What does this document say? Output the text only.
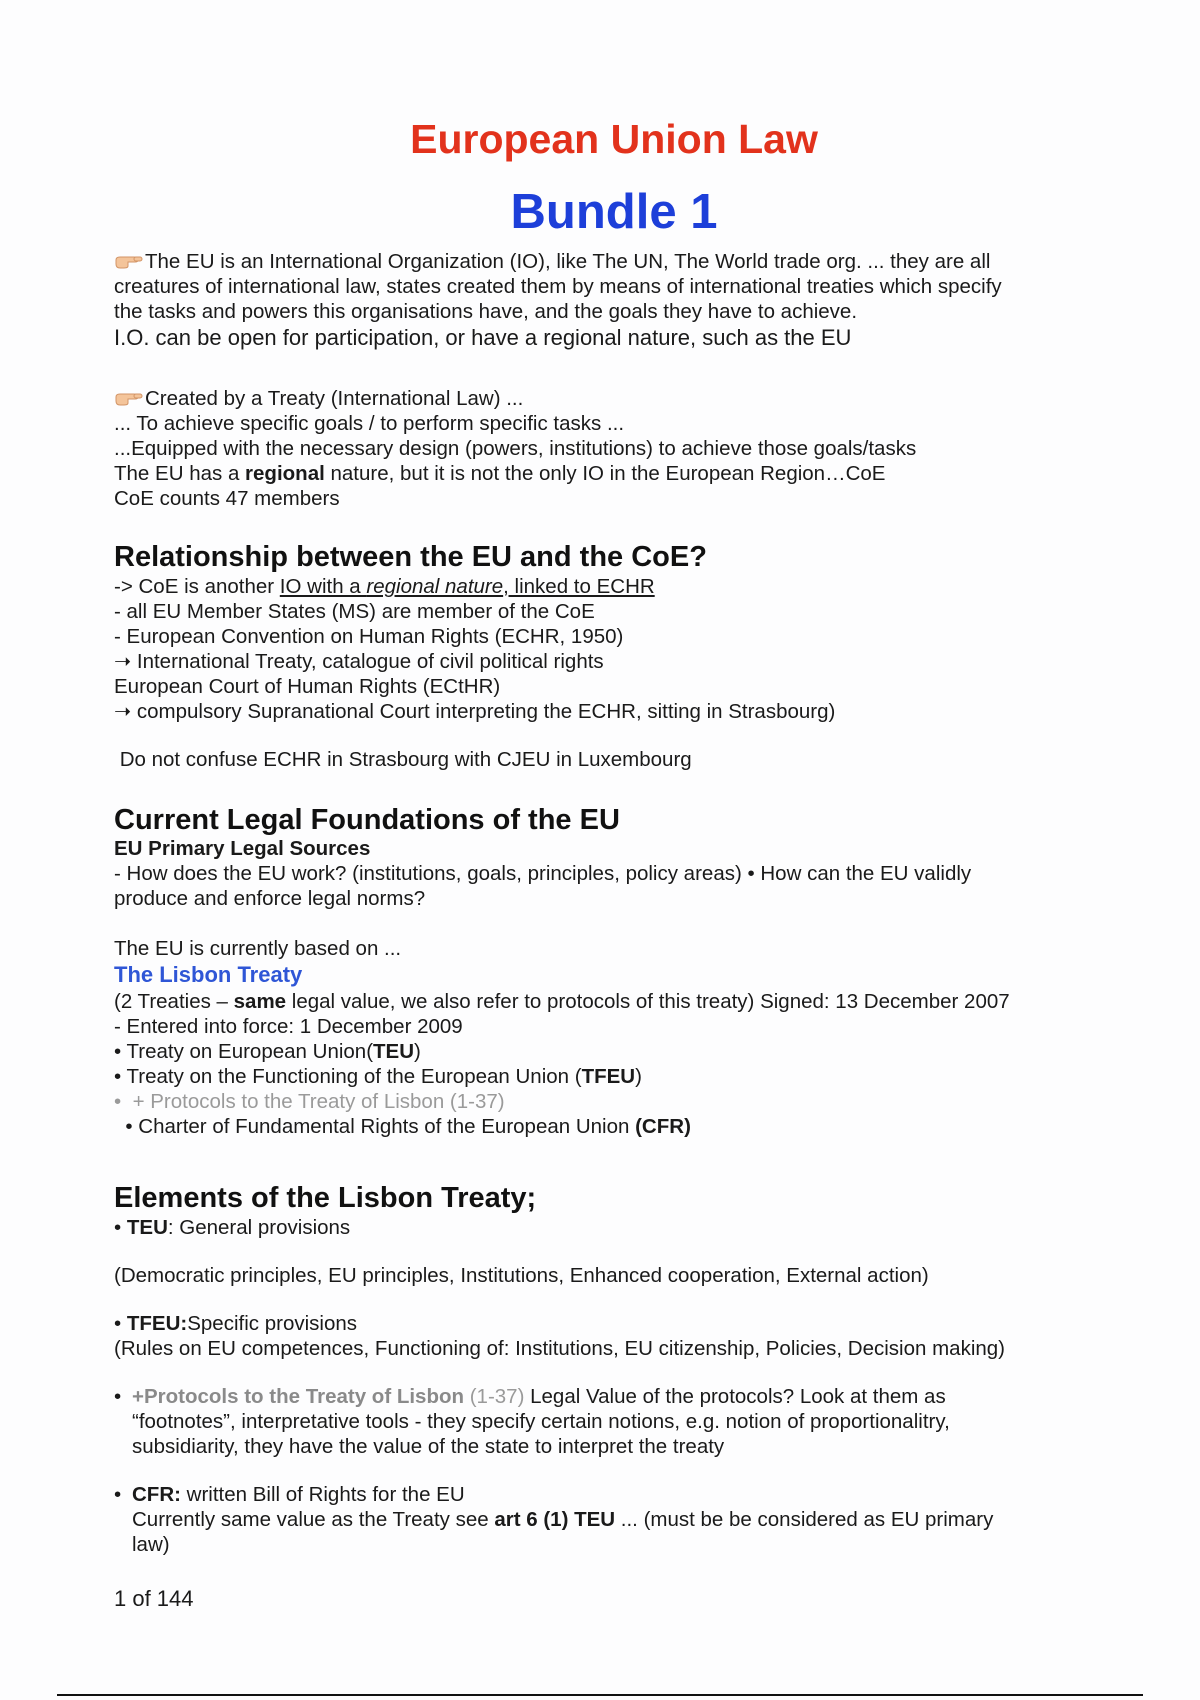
European Union Law
Bundle 1
The EU is an International Organization (IO), like The UN, The World trade org. ... they are all
creatures of international law, states created them by means of international treaties which specify
the tasks and powers this organisations have, and the goals they have to achieve.
I.O. can be open for participation, or have a regional nature, such as the EU
Created by a Treaty (International Law) ...
... To achieve specific goals / to perform specific tasks ...
...Equipped with the necessary design (powers, institutions) to achieve those goals/tasks
The EU has a regional nature, but it is not the only IO in the European Region…CoE
CoE counts 47 members
Relationship between the EU and the CoE?
-> CoE is another IO with a regional nature, linked to ECHR
- all EU Member States (MS) are member of the CoE
- European Convention on Human Rights (ECHR, 1950)
➝ International Treaty, catalogue of civil political rights
European Court of Human Rights (ECtHR)
➝ compulsory Supranational Court interpreting the ECHR, sitting in Strasbourg)
Do not confuse ECHR in Strasbourg with CJEU in Luxembourg
Current Legal Foundations of the EU
EU Primary Legal Sources
- How does the EU work? (institutions, goals, principles, policy areas) • How can the EU validly
produce and enforce legal norms?
The EU is currently based on ...
The Lisbon Treaty
(2 Treaties – same legal value, we also refer to protocols of this treaty) Signed: 13 December 2007
- Entered into force: 1 December 2009
• Treaty on European Union(TEU)
• Treaty on the Functioning of the European Union (TFEU)
•  + Protocols to the Treaty of Lisbon (1-37)
• Charter of Fundamental Rights of the European Union (CFR)
Elements of the Lisbon Treaty;
• TEU: General provisions
(Democratic principles, EU principles, Institutions, Enhanced cooperation, External action)
• TFEU:Specific provisions
(Rules on EU competences, Functioning of: Institutions, EU citizenship, Policies, Decision making)
• +Protocols to the Treaty of Lisbon (1-37) Legal Value of the protocols? Look at them as
“footnotes”, interpretative tools - they specify certain notions, e.g. notion of proportionalitry,
subsidiarity, they have the value of the state to interpret the treaty
• CFR: written Bill of Rights for the EU
Currently same value as the Treaty see art 6 (1) TEU ... (must be be considered as EU primary
law)
1 of 144
